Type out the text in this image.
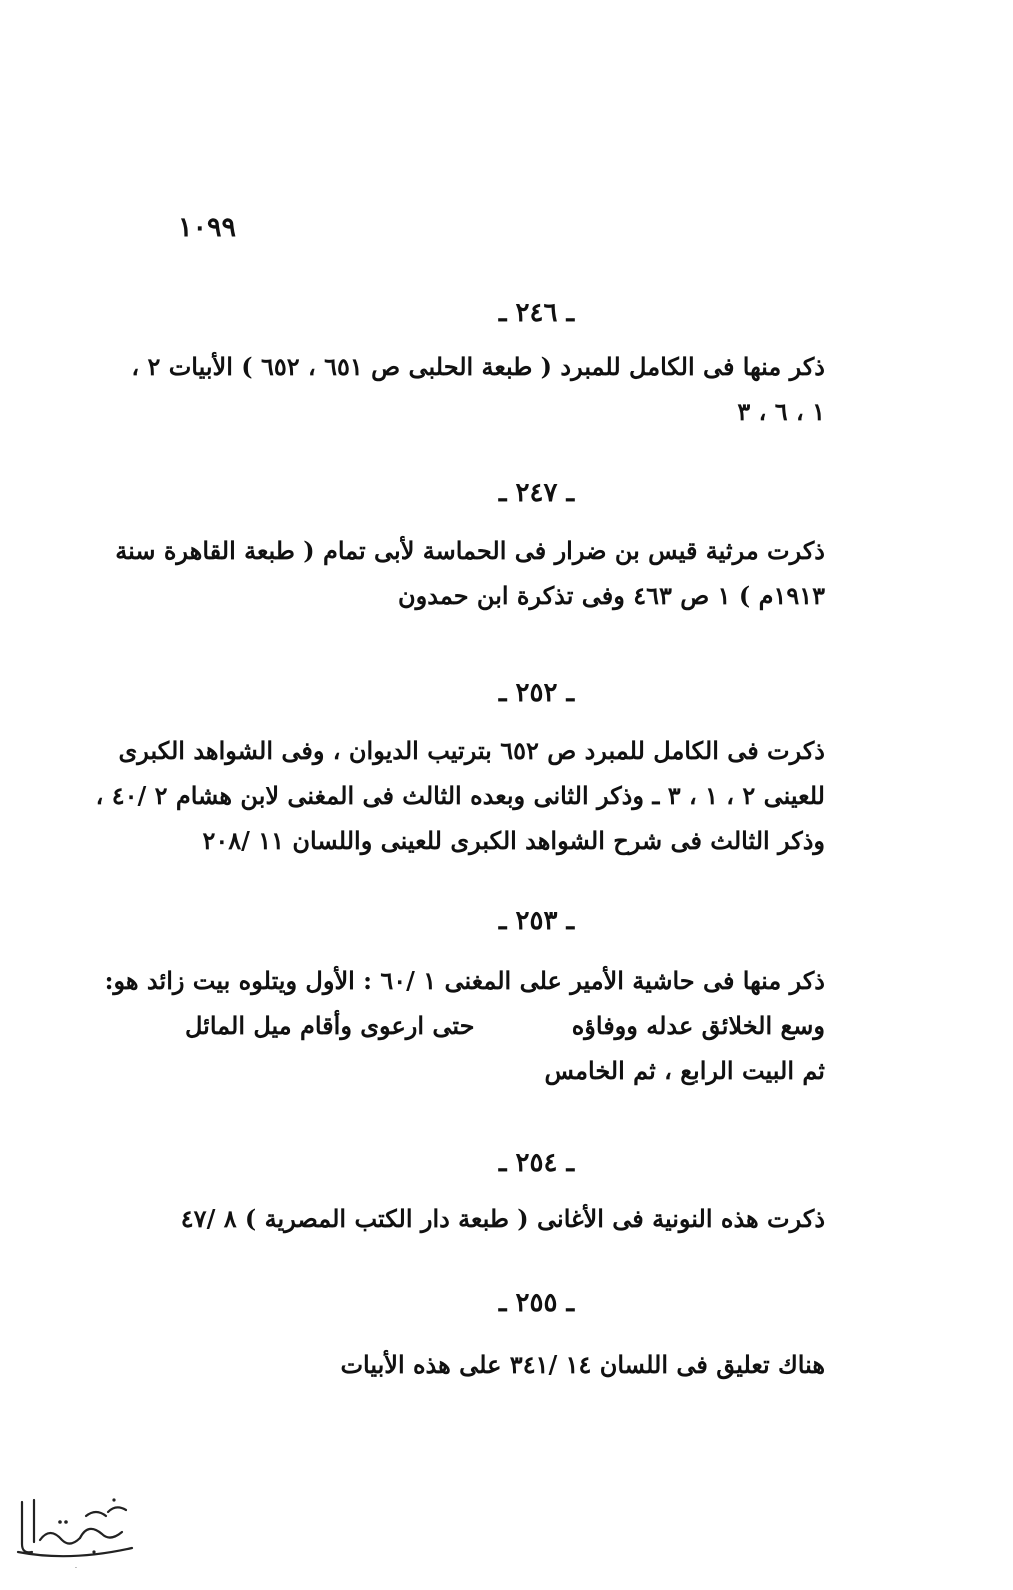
١٠٩٩
ـ ٢٤٦ ـ
ذكر منها فى الكامل للمبرد ( طبعة الحلبى ص ٦٥١ ، ٦٥٢ ) الأبيات ٢ ،
١ ، ٦ ، ٣
ـ ٢٤٧ ـ
ذكرت مرثية قيس بن ضرار فى الحماسة لأبى تمام ( طبعة القاهرة سنة
١٩١٣م ) ١ ص ٤٦٣ وفى تذكرة ابن حمدون
ـ ٢٥٢ ـ
ذكرت فى الكامل للمبرد ص ٦٥٢ بترتيب الديوان ، وفى الشواهد الكبرى
للعينى ٢ ، ١ ، ٣ ـ وذكر الثانى وبعده الثالث فى المغنى لابن هشام ٢ /٤٠ ،
وذكر الثالث فى شرح الشواهد الكبرى للعينى واللسان ١١ /٢٠٨
ـ ٢٥٣ ـ
ذكر منها فى حاشية الأمير على المغنى ١ /٦٠ : الأول ويتلوه بيت زائد هو:
وسع الخلائق عدله ووفاؤه
حتى ارعوى وأقام ميل المائل
ثم البيت الرابع ، ثم الخامس
ـ ٢٥٤ ـ
ذكرت هذه النونية فى الأغانى ( طبعة دار الكتب المصرية ) ٨ /٤٧
ـ ٢٥٥ ـ
هناك تعليق فى اللسان ١٤ /٣٤١ على هذه الأبيات
.
